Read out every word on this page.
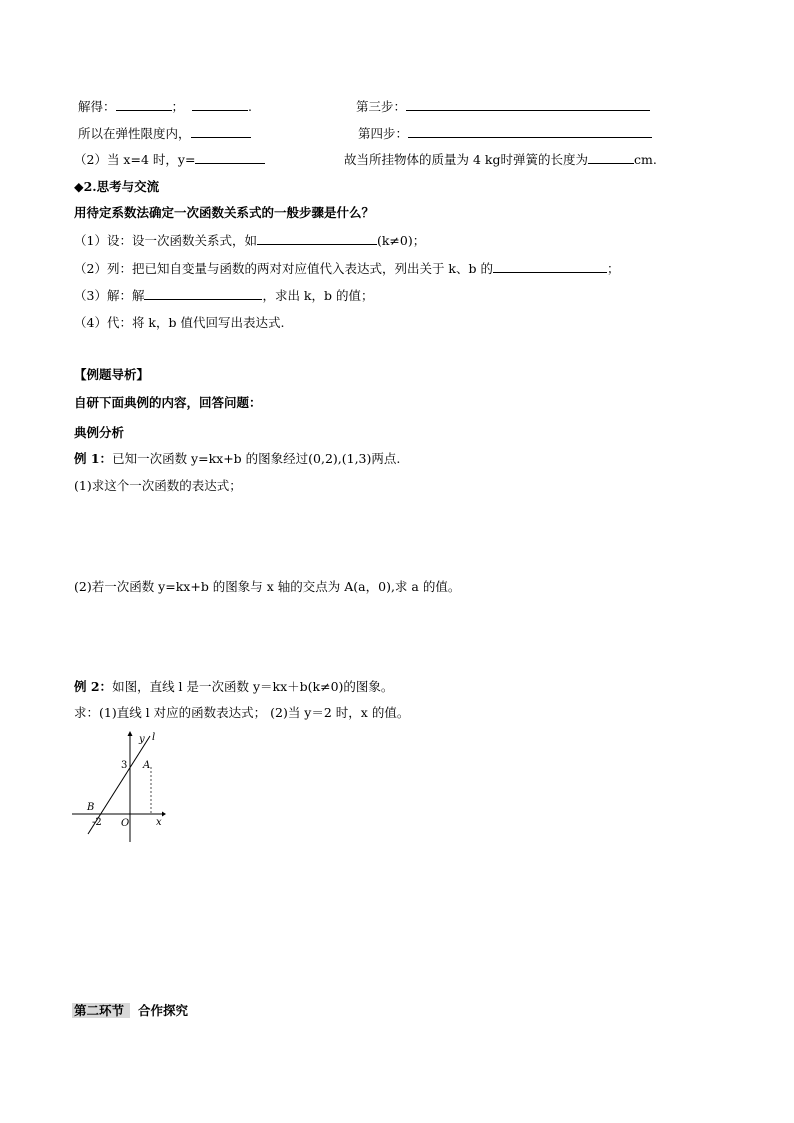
解得：	；	.	第三步：
所以在弹性限度内，	第四步：
（2）当 x=4 时，y=	故当所挂物体的质量为 4 kg时弹簧的长度为	cm.
◆2.思考与交流
用待定系数法确定一次函数关系式的一般步骤是什么？
（1）设：设一次函数关系式，如	(k≠0)；
（2）列：把已知自变量与函数的两对对应值代入表达式，列出关于 k、b 的	；
（3）解：解	，求出 k，b 的值；
（4）代：将 k，b 值代回写出表达式.
【例题导析】
自研下面典例的内容，回答问题：
典例分析
例 1：已知一次函数 y=kx+b 的图象经过(0,2),(1,3)两点.
(1)求这个一次函数的表达式；
(2)若一次函数 y=kx+b 的图象与 x 轴的交点为 A(a，0),求 a 的值。
例 2：如图，直线 l 是一次函数 y＝kx＋b(k≠0)的图象。
求：(1)直线 l 对应的函数表达式； (2)当 y＝2 时，x 的值。
y l
3 A
B
-2 O	x
第二环节 合作探究
